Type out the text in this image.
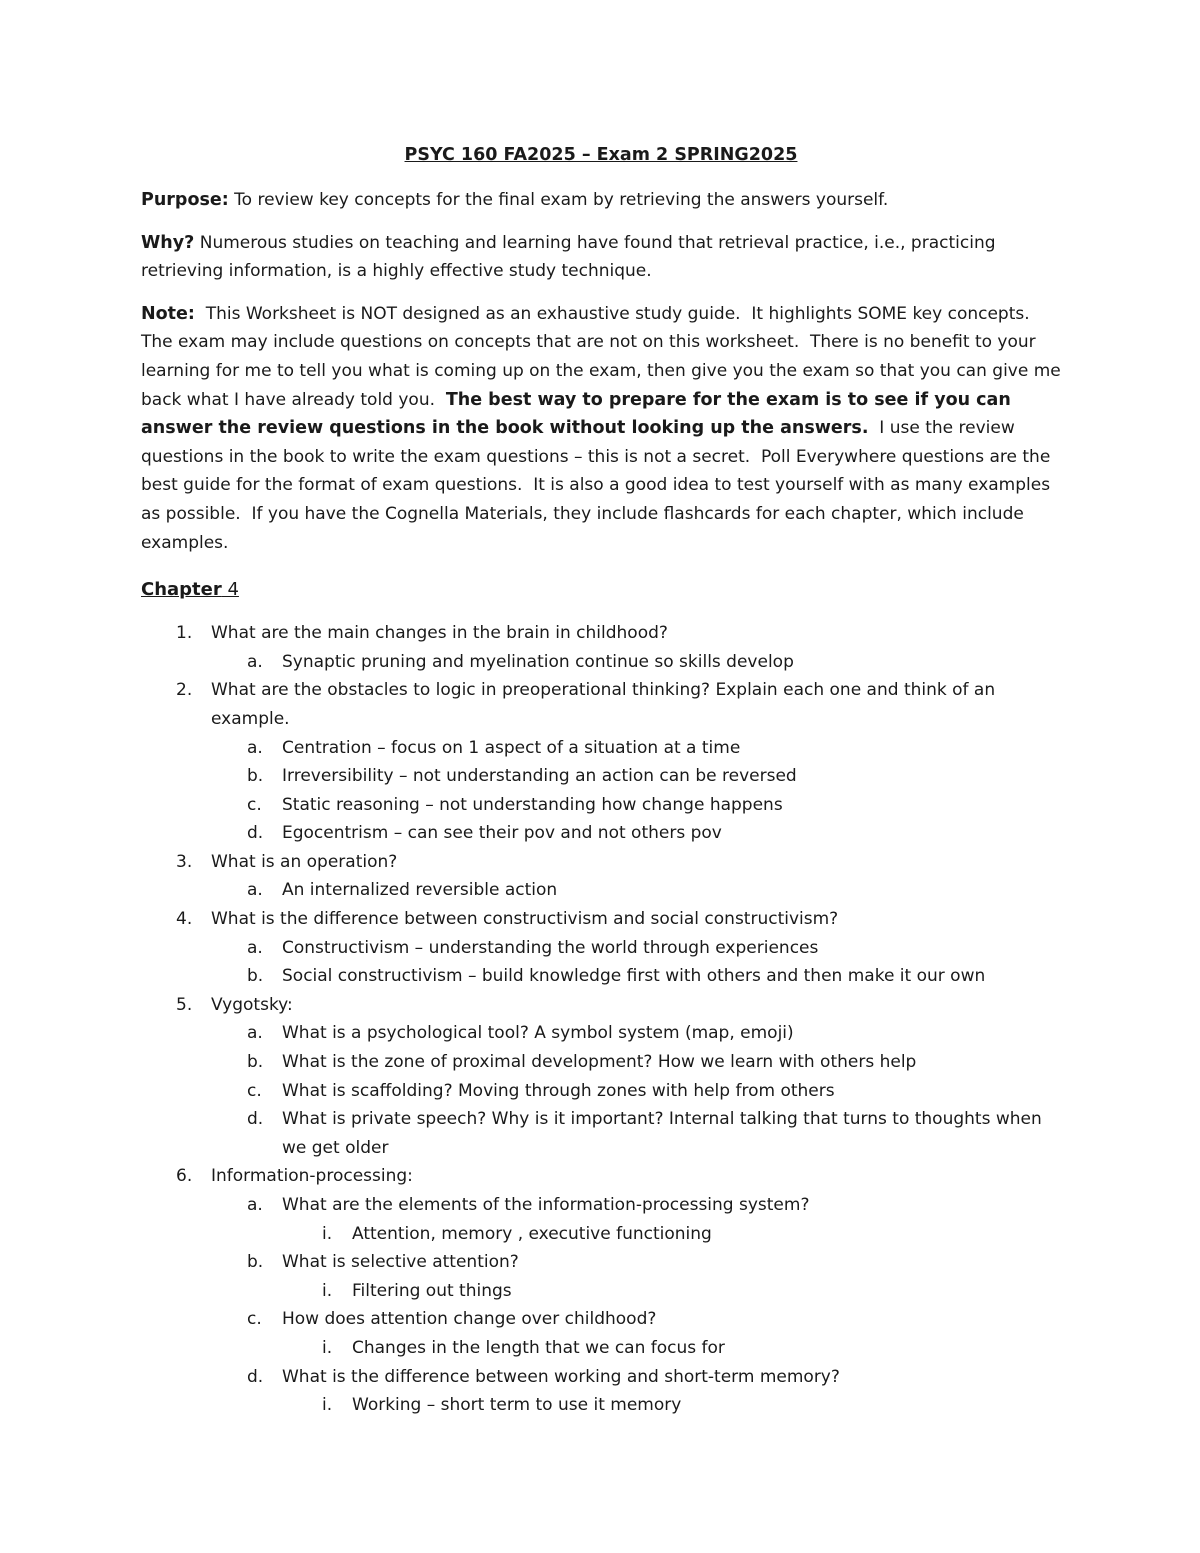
PSYC 160 FA2025 – Exam 2 SPRING2025

Purpose: To review key concepts for the final exam by retrieving the answers yourself.

Why? Numerous studies on teaching and learning have found that retrieval practice, i.e., practicing retrieving information, is a highly effective study technique.

Note:  This Worksheet is NOT designed as an exhaustive study guide.  It highlights SOME key concepts.  The exam may include questions on concepts that are not on this worksheet.  There is no benefit to your learning for me to tell you what is coming up on the exam, then give you the exam so that you can give me back what I have already told you.  The best way to prepare for the exam is to see if you can answer the review questions in the book without looking up the answers.  I use the review questions in the book to write the exam questions – this is not a secret.  Poll Everywhere questions are the best guide for the format of exam questions.  It is also a good idea to test yourself with as many examples as possible.  If you have the Cognella Materials, they include flashcards for each chapter, which include examples.

Chapter 4
1. What are the main changes in the brain in childhood?
a. Synaptic pruning and myelination continue so skills develop
2. What are the obstacles to logic in preoperational thinking? Explain each one and think of an example.
a. Centration – focus on 1 aspect of a situation at a time
b. Irreversibility – not understanding an action can be reversed
c. Static reasoning – not understanding how change happens
d. Egocentrism – can see their pov and not others pov
3. What is an operation?
a. An internalized reversible action
4. What is the difference between constructivism and social constructivism?
a. Constructivism – understanding the world through experiences
b. Social constructivism – build knowledge first with others and then make it our own
5. Vygotsky:
a. What is a psychological tool? A symbol system (map, emoji)
b. What is the zone of proximal development? How we learn with others help
c. What is scaffolding? Moving through zones with help from others
d. What is private speech? Why is it important? Internal talking that turns to thoughts when we get older
6. Information-processing:
a. What are the elements of the information-processing system?
i. Attention, memory , executive functioning
b. What is selective attention?
i. Filtering out things
c. How does attention change over childhood?
i. Changes in the length that we can focus for
d. What is the difference between working and short-term memory?
i. Working – short term to use it memory
